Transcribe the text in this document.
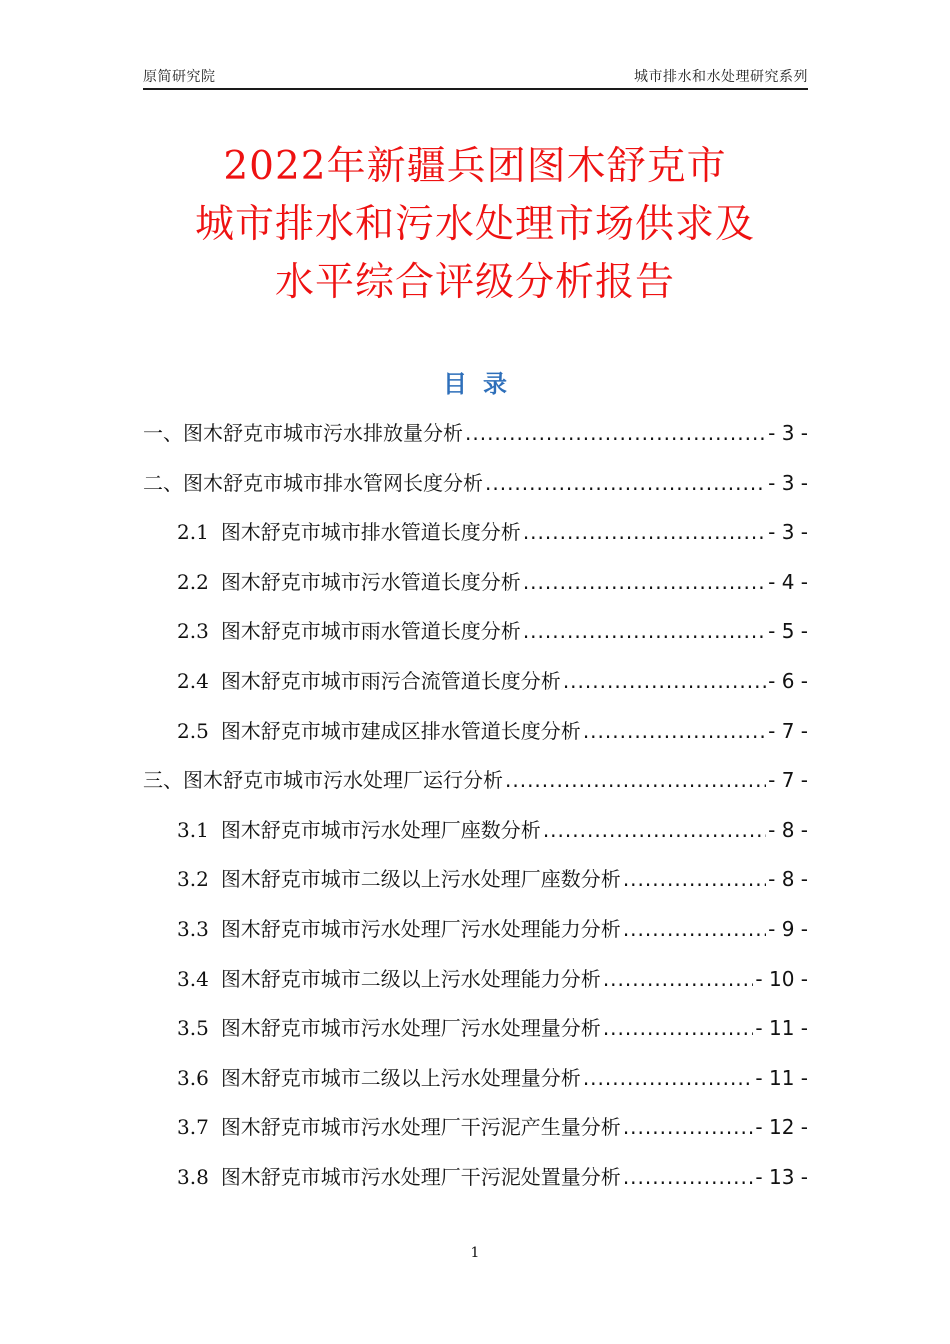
原简研究院	城市排水和水处理研究系列
2022年新疆兵团图木舒克市
城市排水和污水处理市场供求及
水平综合评级分析报告
目录
一、图木舒克市城市污水排放量分析 .....	- 3 -
二、图木舒克市城市排水管网长度分析 .....	- 3 -
2.1 图木舒克市城市排水管道长度分析 .....	- 3 -
2.2 图木舒克市城市污水管道长度分析 .....	- 4 -
2.3 图木舒克市城市雨水管道长度分析 .....	- 5 -
2.4 图木舒克市城市雨污合流管道长度分析 .....	- 6 -
2.5 图木舒克市城市建成区排水管道长度分析 .....	- 7 -
三、图木舒克市城市污水处理厂运行分析 .....	- 7 -
3.1 图木舒克市城市污水处理厂座数分析 .....	- 8 -
3.2 图木舒克市城市二级以上污水处理厂座数分析 .....	- 8 -
3.3 图木舒克市城市污水处理厂污水处理能力分析 .....	- 9 -
3.4 图木舒克市城市二级以上污水处理能力分析 .....	- 10 -
3.5 图木舒克市城市污水处理厂污水处理量分析 .....	- 11 -
3.6 图木舒克市城市二级以上污水处理量分析 .....	- 11 -
3.7 图木舒克市城市污水处理厂干污泥产生量分析 .....	- 12 -
3.8 图木舒克市城市污水处理厂干污泥处置量分析 .....	- 13 -
1
